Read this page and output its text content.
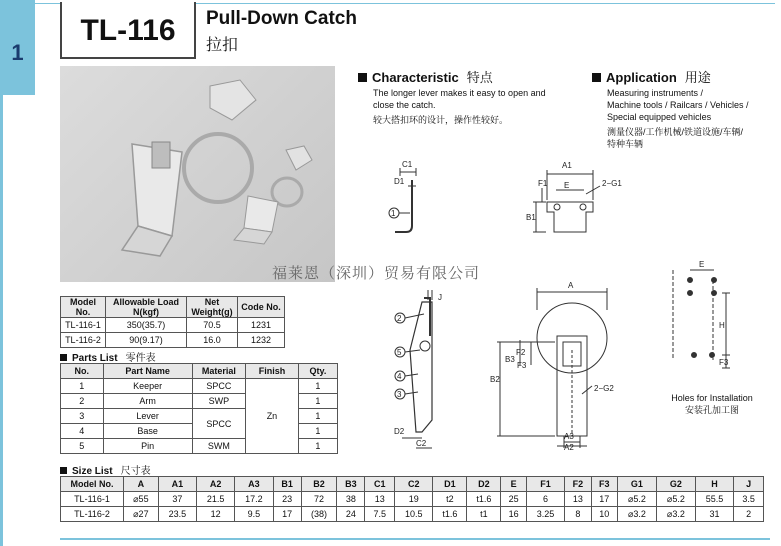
1
TL-116	Pull-Down Catch
拉扣
福莱恩（深圳）贸易有限公司
Characteristic 特点
The longer lever makes it easy to open and
close the catch.
较大搭扣环的设计，操作性较好。
Application 用途
Measuring instruments /
Machine tools / Railcars / Vehicles /
Special equipped vehicles
测量仪器/工作机械/铁道设施/车辆/
特种车辆
C1
D1
1
A1
E
F1
B1
2−G1
J
2
5
4
3
D2
C2
A
F2
B3
F3
B2
2−G2
A3
A2
E
H
F3
Holes for Installation
安装孔加工图
Model No.	Allowable Load N(kgf)	Net Weight(g)	Code No.
TL-116-1	350(35.7)	70.5	1231
TL-116-2	90(9.17)	16.0	1232
Parts List 零件表
No.	Part Name	Material	Finish	Qty.
1	Keeper	SPCC	Zn	1
2	Arm	SWP		1
3	Lever	SPCC		1
4	Base			1
5	Pin	SWM		1
Size List 尺寸表
Model No.	A	A1	A2	A3	B1	B2	B3	C1	C2	D1	D2	E	F1	F2	F3	G1	G2	H	J
TL-116-1	⌀55	37	21.5	17.2	23	72	38	13	19	t2	t1.6	25	6	13	17	⌀5.2	⌀5.2	55.5	3.5
TL-116-2	⌀27	23.5	12	9.5	17	(38)	24	7.5	10.5	t1.6	t1	16	3.25	8	10	⌀3.2	⌀3.2	31	2
